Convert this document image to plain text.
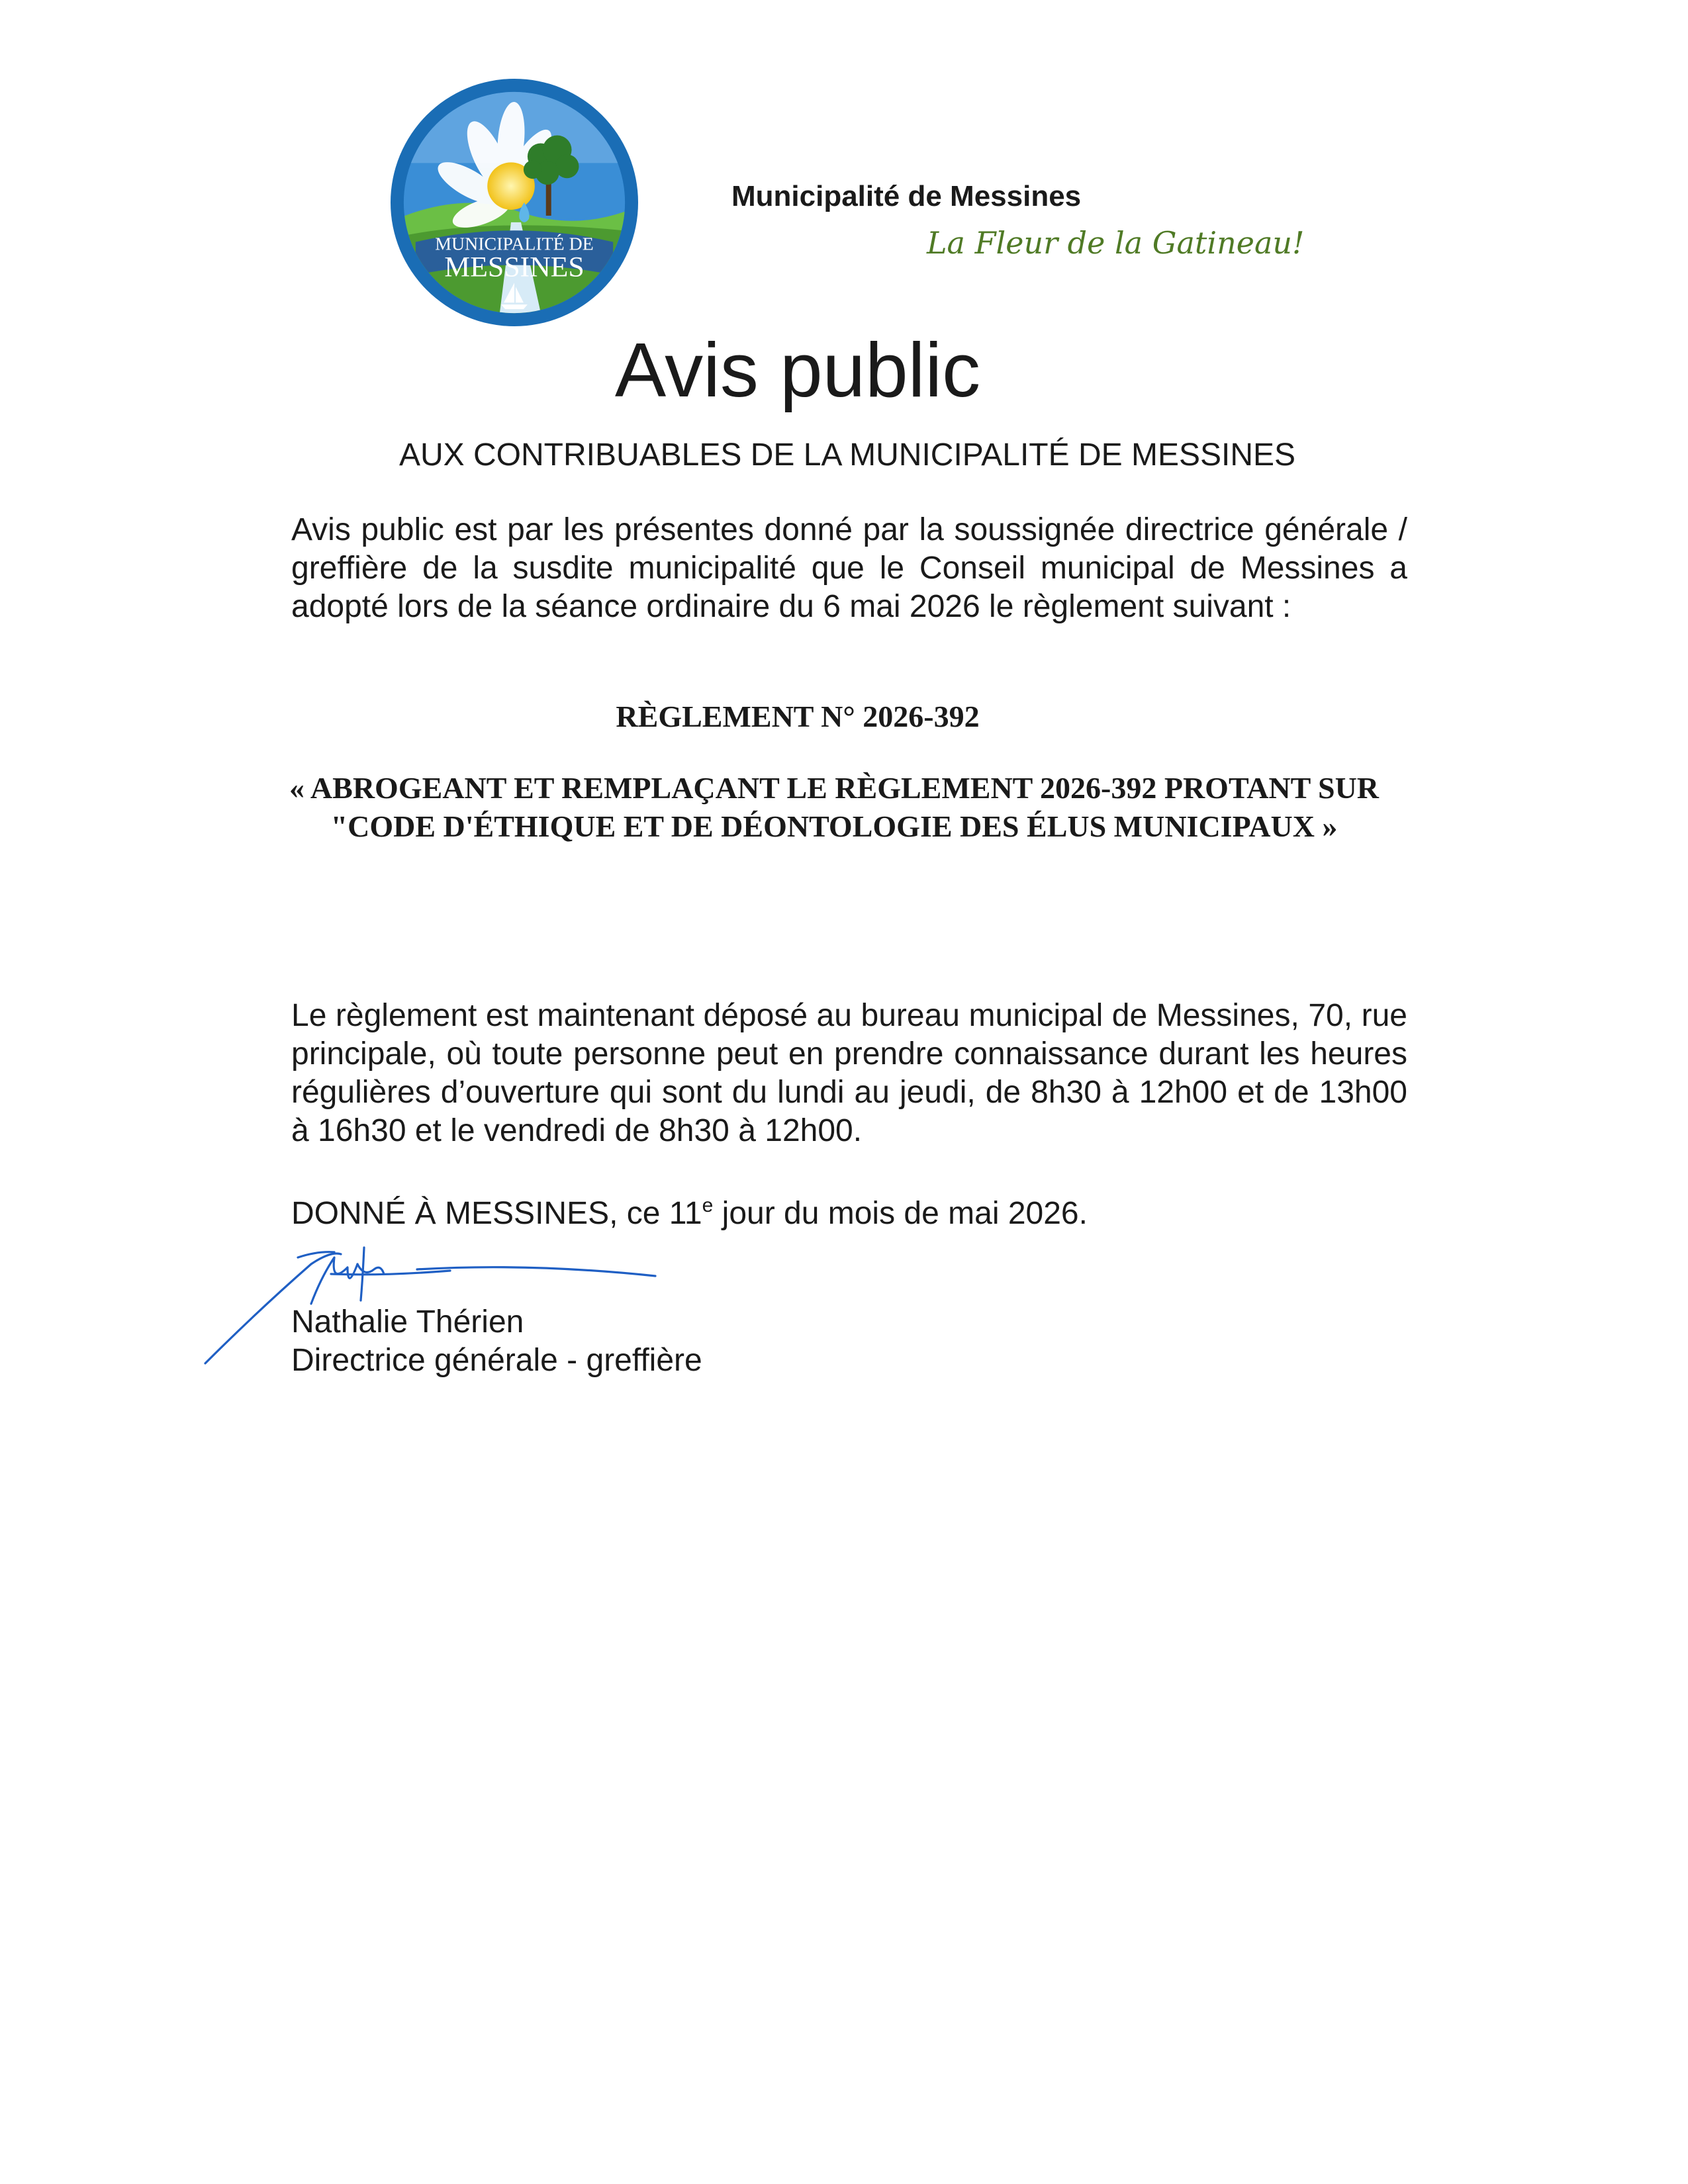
MUNICIPALITÉ DE
MESSINES
Municipalité de Messines
La Fleur de la Gatineau!
Avis public
AUX CONTRIBUABLES DE LA MUNICIPALITÉ DE MESSINES
Avis public est par les présentes donné par la soussignée directrice générale / greffière de la susdite municipalité que le Conseil municipal de Messines a adopté lors de la séance ordinaire du 6 mai 2026 le règlement suivant :
RÈGLEMENT N° 2026-392
« ABROGEANT ET REMPLAÇANT LE RÈGLEMENT 2026-392 PROTANT SUR "CODE D'ÉTHIQUE ET DE DÉONTOLOGIE DES ÉLUS MUNICIPAUX »
Le règlement est maintenant déposé au bureau municipal de Messines, 70, rue principale, où toute personne peut en prendre connaissance durant les heures régulières d’ouverture qui sont du lundi au jeudi, de 8h30 à 12h00 et de 13h00 à 16h30 et le vendredi de 8h30 à 12h00.
DONNÉ À MESSINES, ce 11e jour du mois de mai 2026.
Nathalie Thérien
Directrice générale - greffière
